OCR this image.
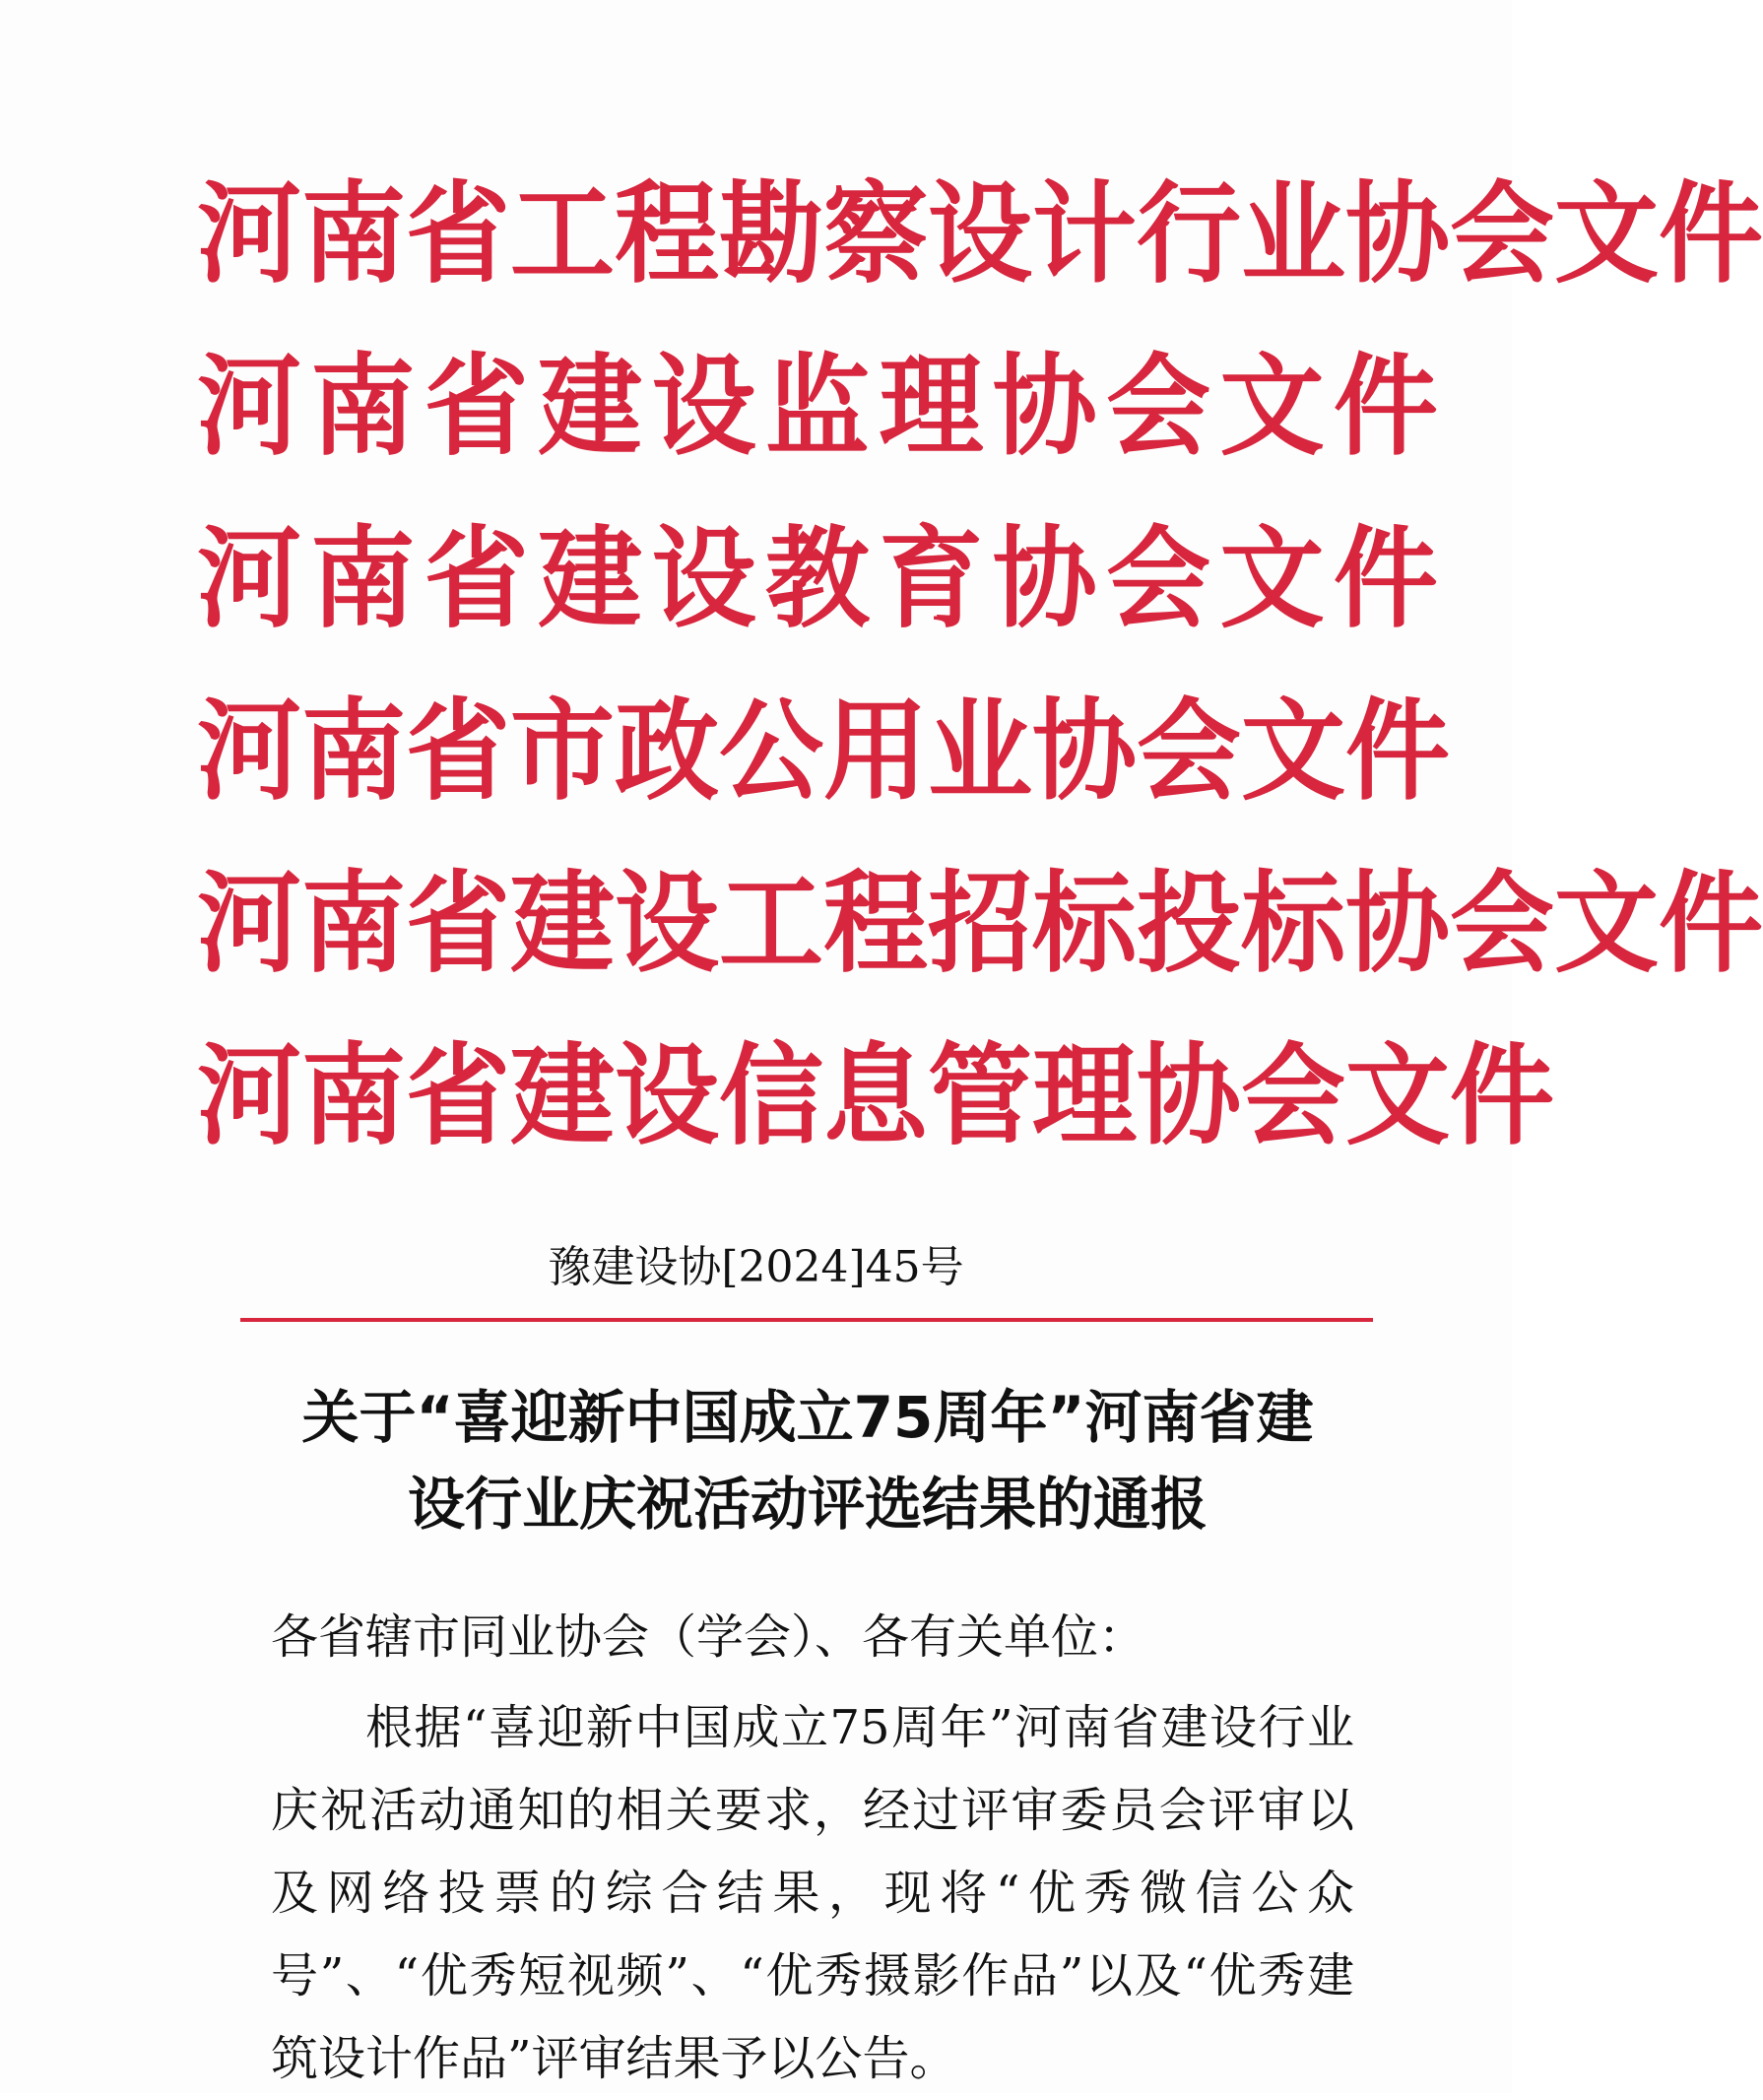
河 南 省 工 程 勘 察 设 计 行 业 协 会 文 件
河 南 省 建 设 监 理 协 会 文 件
河 南 省 建 设 教 育 协 会 文 件
河 南 省 市 政 公 用 业 协 会 文 件
河 南 省 建 设 工 程 招 标 投 标 协 会 文 件
河 南 省 建 设 信 息 管 理 协 会 文 件
豫建设协[2024]45号
关于“喜迎新中国成立75周年”河南省建
设行业庆祝活动评选结果的通报

各省辖市同业协会（学会）、各有关单位：

根据“喜迎新中国成立75周年”河南省建设行业庆祝活动通知的相关要求，经过评审委员会评审以及网络投票的综合结果，现将“优秀微信公众号”、“优秀短视频”、“优秀摄影作品”以及“优秀建筑设计作品”评审结果予以公告。
